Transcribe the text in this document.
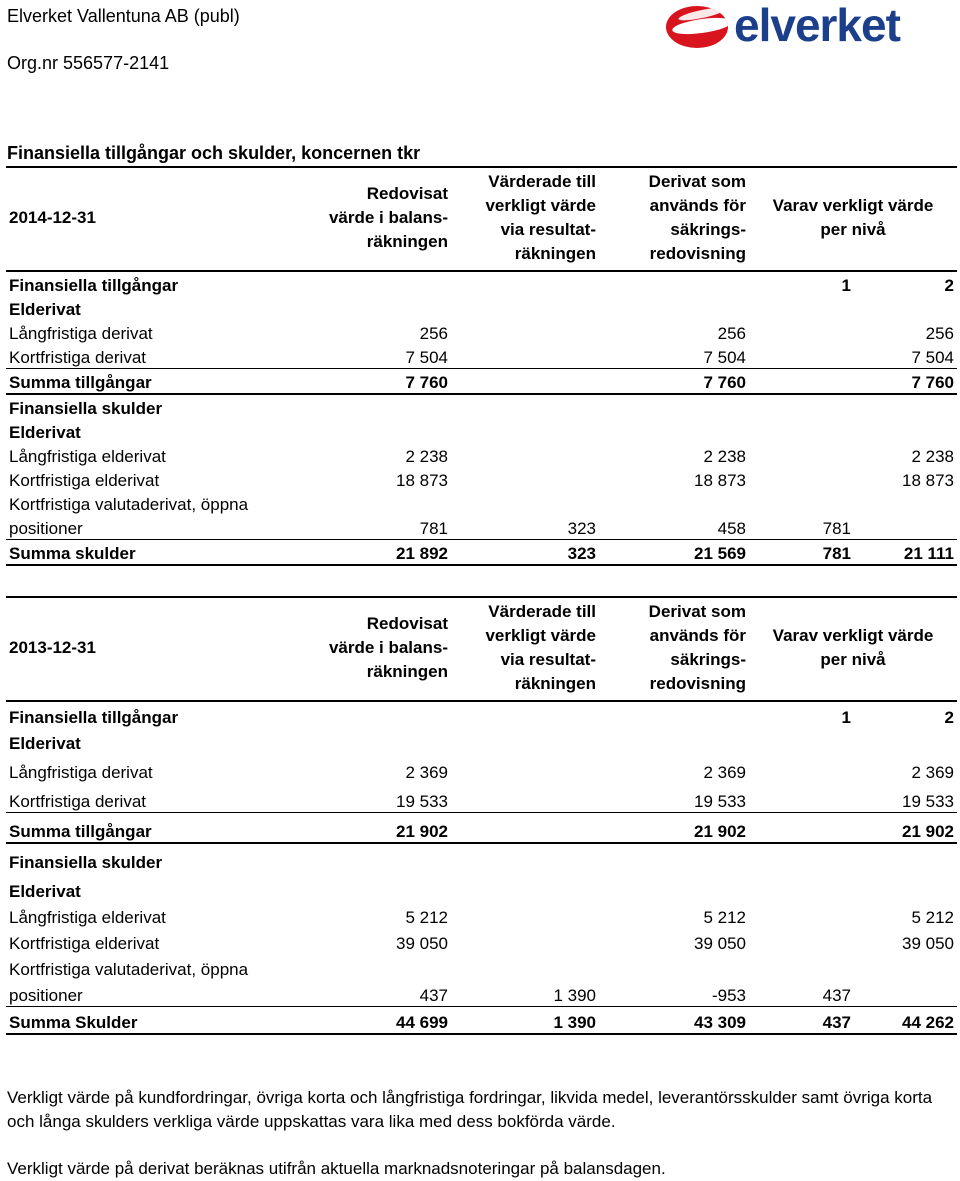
Elverket Vallentuna AB (publ)
Org.nr 556577-2141
elverket
Finansiella tillgångar och skulder, koncernen tkr
2014-12-31	Redovisat
värde i balans-
räkningen	Värderade till
verkligt värde
via resultat-
räkningen	Derivat som
används för
säkrings-
redovisning	Varav verkligt värde
per nivå	

Finansiella tillgångar				1	2
Elderivat					
Långfristiga derivat	256		256		256
Kortfristiga derivat	7 504		7 504		7 504
Summa tillgångar	7 760		7 760		7 760
Finansiella skulder					
Elderivat					
Långfristiga elderivat	2 238		2 238		2 238
Kortfristiga elderivat	18 873		18 873		18 873
Kortfristiga valutaderivat, öppna					
positioner	781	323	458	781	
Summa skulder	21 892	323	21 569	781	21 111
2013-12-31	Redovisat
värde i balans-
räkningen	Värderade till
verkligt värde
via resultat-
räkningen	Derivat som
används för
säkrings-
redovisning	Varav verkligt värde
per nivå	

Finansiella tillgångar				1	2
Elderivat					
Långfristiga derivat	2 369		2 369		2 369
Kortfristiga derivat	19 533		19 533		19 533
Summa tillgångar	21 902		21 902		21 902
Finansiella skulder					
Elderivat					
Långfristiga elderivat	5 212		5 212		5 212
Kortfristiga elderivat	39 050		39 050		39 050
Kortfristiga valutaderivat, öppna					
positioner	437	1 390	-953	437	
Summa Skulder	44 699	1 390	43 309	437	44 262
Verkligt värde på kundfordringar, övriga korta och långfristiga fordringar, likvida medel, leverantörsskulder samt övriga korta och långa skulders verkliga värde uppskattas vara lika med dess bokförda värde.
Verkligt värde på derivat beräknas utifrån aktuella marknadsnoteringar på balansdagen.
